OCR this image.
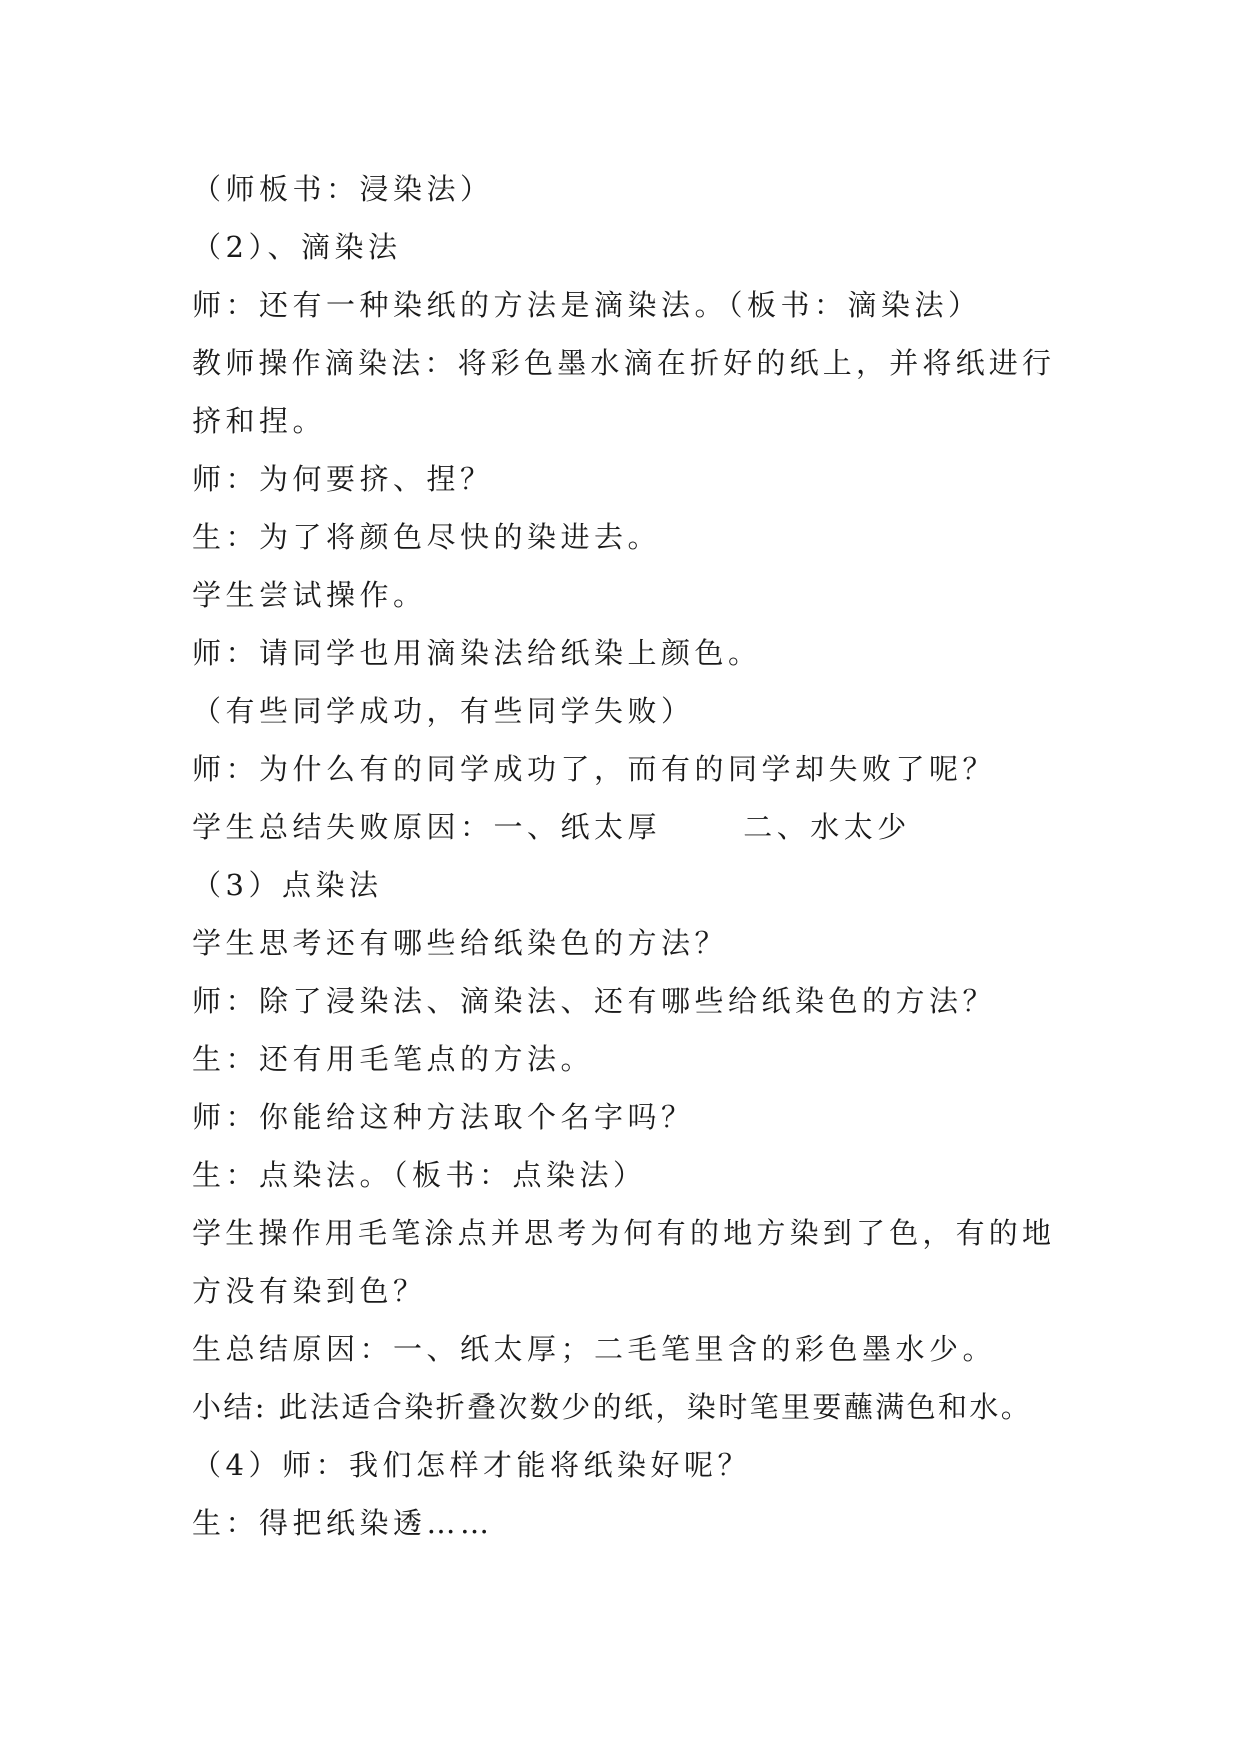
（师板书：浸染法）
（2）、滴染法
师：还有一种染纸的方法是滴染法。（板书：滴染法）
教师操作滴染法：将彩色墨水滴在折好的纸上，并将纸进行
挤和捏。
师：为何要挤、捏？
生：为了将颜色尽快的染进去。
学生尝试操作。
师：请同学也用滴染法给纸染上颜色。
（有些同学成功，有些同学失败）
师：为什么有的同学成功了，而有的同学却失败了呢？
学生总结失败原因：一、纸太厚      二、水太少
（3）点染法
学生思考还有哪些给纸染色的方法？
师：除了浸染法、滴染法、还有哪些给纸染色的方法？
生：还有用毛笔点的方法。
师：你能给这种方法取个名字吗？
生：点染法。（板书：点染法）
学生操作用毛笔涂点并思考为何有的地方染到了色，有的地
方没有染到色？
生总结原因：一、纸太厚；二毛笔里含的彩色墨水少。
小结: 此法适合染折叠次数少的纸，染时笔里要蘸满色和水。
（4）师：我们怎样才能将纸染好呢？
生：得把纸染透……
